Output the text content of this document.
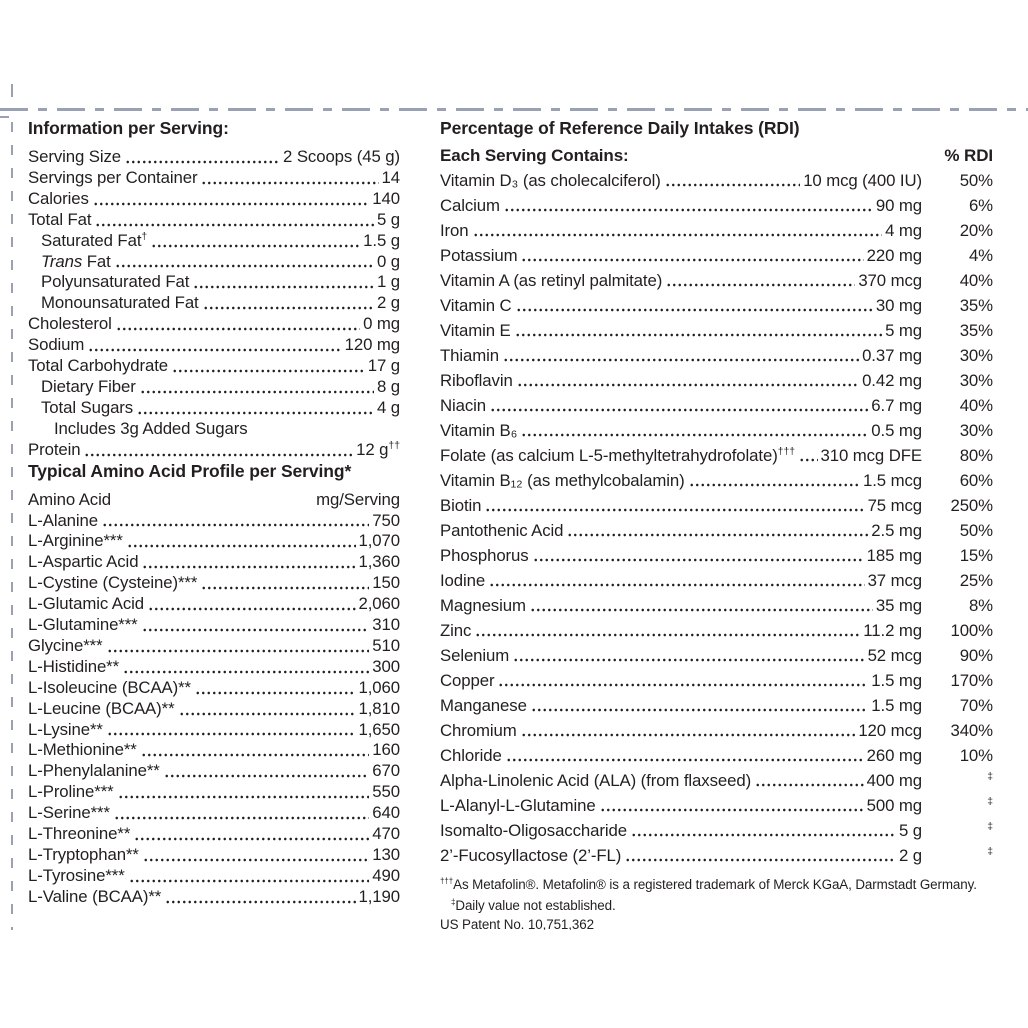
Information per Serving:
Serving Size	2 Scoops (45 g)
Servings per Container	14
Calories	140
Total Fat	5 g
Saturated Fat†	1.5 g
Trans Fat	0 g
Polyunsaturated Fat	1 g
Monounsaturated Fat	2 g
Cholesterol	0 mg
Sodium	120 mg
Total Carbohydrate	17 g
Dietary Fiber	8 g
Total Sugars	4 g
Includes 3g Added Sugars
Protein	12 g††
Typical Amino Acid Profile per Serving*
Amino Acid	mg/Serving
L-Alanine	750
L-Arginine***	1,070
L-Aspartic Acid	1,360
L-Cystine (Cysteine)***	150
L-Glutamic Acid	2,060
L-Glutamine***	310
Glycine***	510
L-Histidine**	300
L-Isoleucine (BCAA)**	1,060
L-Leucine (BCAA)**	1,810
L-Lysine**	1,650
L-Methionine**	160
L-Phenylalanine**	670
L-Proline***	550
L-Serine***	640
L-Threonine**	470
L-Tryptophan**	130
L-Tyrosine***	490
L-Valine (BCAA)**	1,190
Percentage of Reference Daily Intakes (RDI)
Each Serving Contains:	% RDI
Vitamin D₃ (as cholecalciferol)	10 mcg (400 IU)	50%
Calcium	90 mg	6%
Iron	4 mg	20%
Potassium	220 mg	4%
Vitamin A (as retinyl palmitate)	370 mcg	40%
Vitamin C	30 mg	35%
Vitamin E	5 mg	35%
Thiamin	0.37 mg	30%
Riboflavin	0.42 mg	30%
Niacin	6.7 mg	40%
Vitamin B₆	0.5 mg	30%
Folate (as calcium L-5-methyltetrahydrofolate)††† 310 mcg DFE	80%
Vitamin B₁₂ (as methylcobalamin)	1.5 mcg	60%
Biotin	75 mcg	250%
Pantothenic Acid	2.5 mg	50%
Phosphorus	185 mg	15%
Iodine	37 mcg	25%
Magnesium	35 mg	8%
Zinc	11.2 mg	100%
Selenium	52 mcg	90%
Copper	1.5 mg	170%
Manganese	1.5 mg	70%
Chromium	120 mcg	340%
Chloride	260 mg	10%
Alpha-Linolenic Acid (ALA) (from flaxseed)	400 mg	‡
L-Alanyl-L-Glutamine	500 mg	‡
Isomalto-Oligosaccharide	5 g	‡
2’-Fucosyllactose (2’-FL)	2 g	‡
†††As Metafolin®. Metafolin® is a registered trademark of Merck KGaA, Darmstadt Germany.
‡Daily value not established.
US Patent No. 10,751,362
